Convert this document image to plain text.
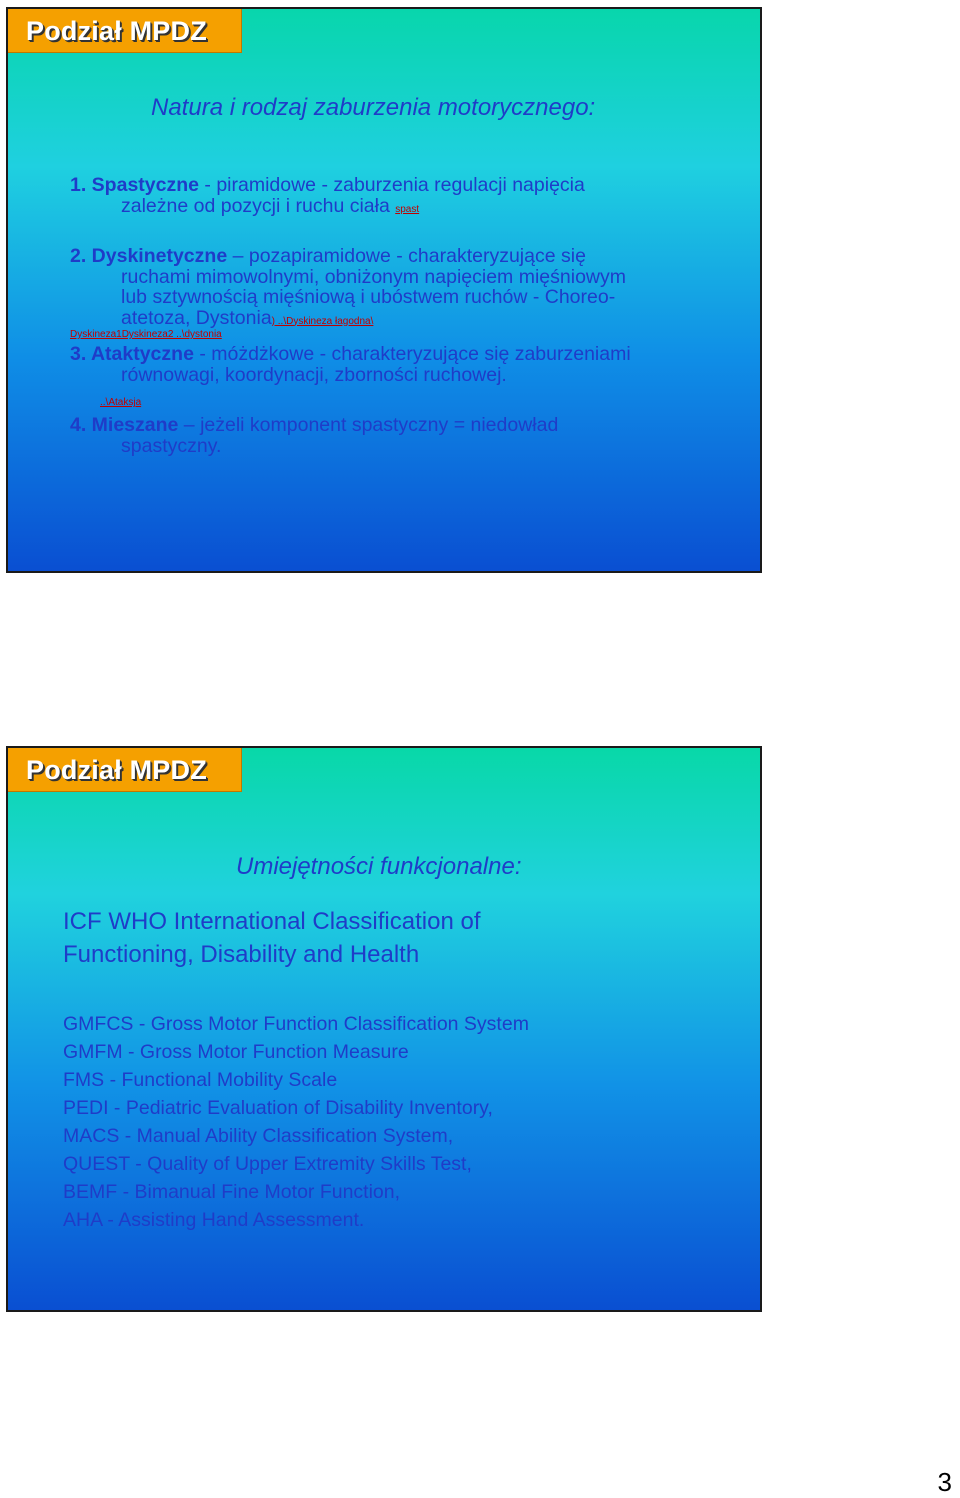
Podział MPDZ
Natura i rodzaj zaburzenia motorycznego:
1. Spastyczne - piramidowe - zaburzenia regulacji napięcia
zależne od pozycji i ruchu ciała spast
2. Dyskinetyczne – pozapiramidowe - charakteryzujące się
ruchami mimowolnymi, obniżonym napięciem mięśniowym
lub sztywnością mięśniową i ubóstwem ruchów - Choreo-
atetoza, Dystonia) ..\Dyskineza łagodna\
Dyskineza1Dyskineza2 ..\dystonia
3. Ataktyczne - móżdżkowe - charakteryzujące się zaburzeniami
równowagi, koordynacji, zborności ruchowej.
..\Ataksja
4. Mieszane – jeżeli komponent spastyczny = niedowład
spastyczny.
Podział MPDZ
Umiejętności funkcjonalne:
ICF WHO International Classification of
Functioning, Disability and Health
GMFCS - Gross Motor Function Classification System
GMFM - Gross Motor Function Measure
FMS - Functional Mobility Scale
PEDI - Pediatric Evaluation of Disability Inventory,
MACS - Manual Ability Classification System,
QUEST - Quality of Upper Extremity Skills Test,
BEMF - Bimanual Fine Motor Function,
AHA - Assisting Hand Assessment.
3
